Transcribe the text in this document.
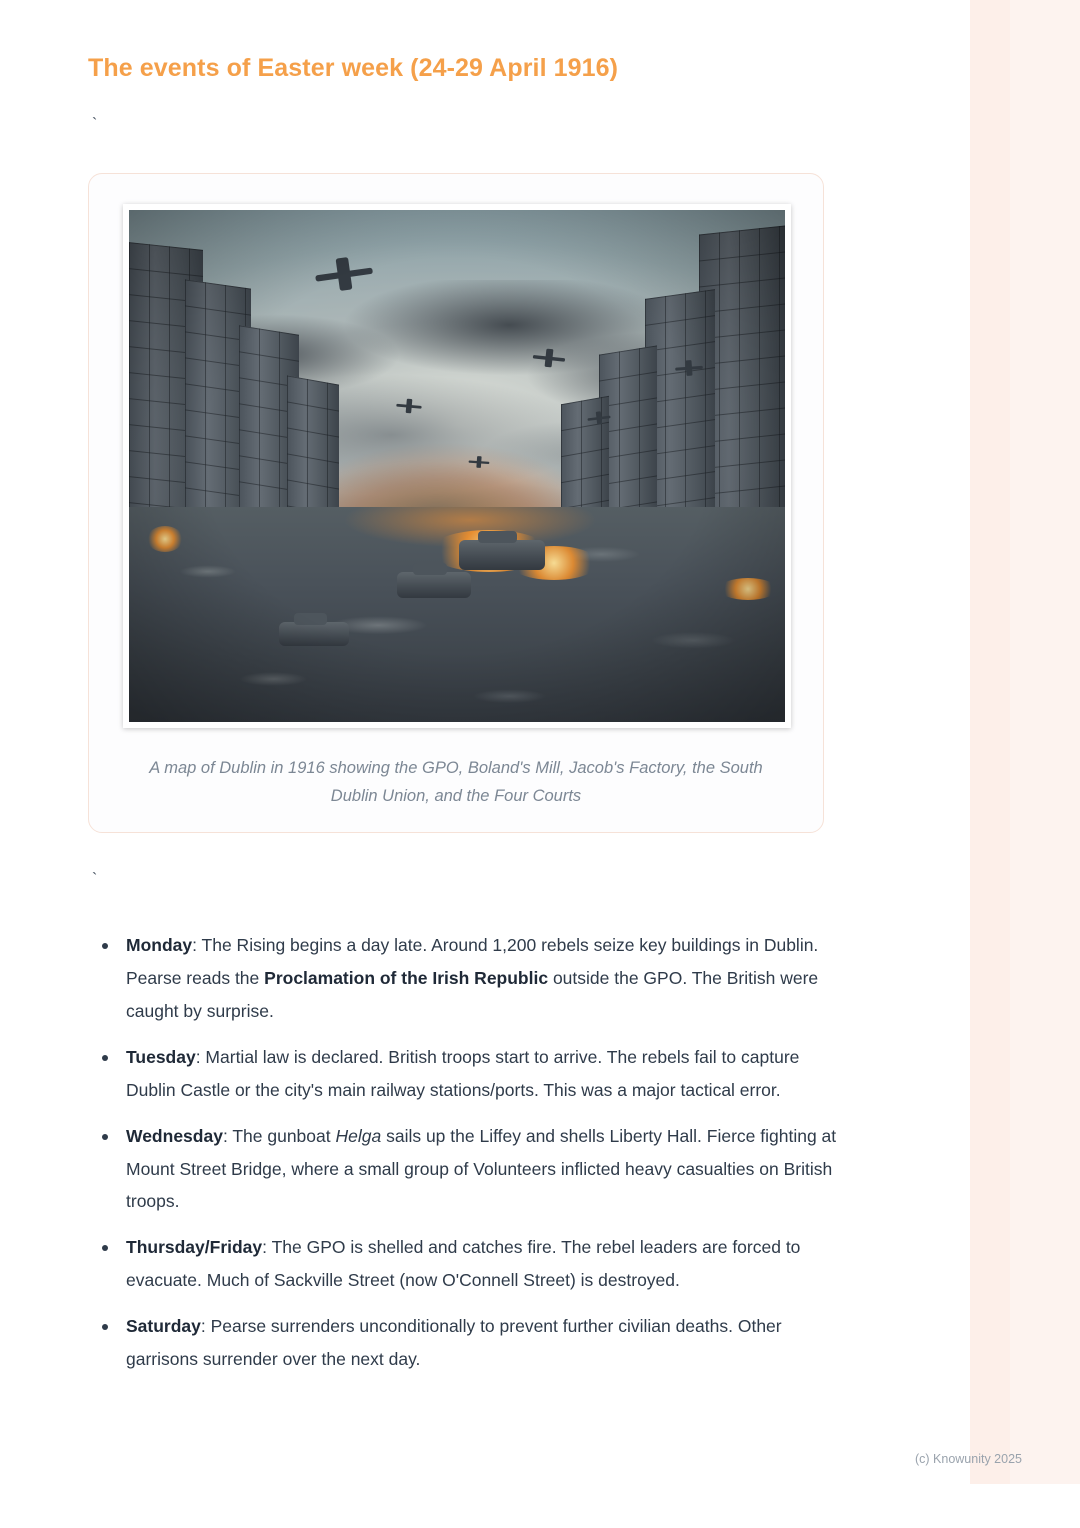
The events of Easter week (24-29 April 1916)
`
A map of Dublin in 1916 showing the GPO, Boland's Mill, Jacob's Factory, the South Dublin Union, and the Four Courts
`
Monday: The Rising begins a day late. Around 1,200 rebels seize key buildings in Dublin. Pearse reads the Proclamation of the Irish Republic outside the GPO. The British were caught by surprise.
Tuesday: Martial law is declared. British troops start to arrive. The rebels fail to capture Dublin Castle or the city's main railway stations/ports. This was a major tactical error.
Wednesday: The gunboat Helga sails up the Liffey and shells Liberty Hall. Fierce fighting at Mount Street Bridge, where a small group of Volunteers inflicted heavy casualties on British troops.
Thursday/Friday: The GPO is shelled and catches fire. The rebel leaders are forced to evacuate. Much of Sackville Street (now O'Connell Street) is destroyed.
Saturday: Pearse surrenders unconditionally to prevent further civilian deaths. Other garrisons surrender over the next day.
(c) Knowunity 2025
